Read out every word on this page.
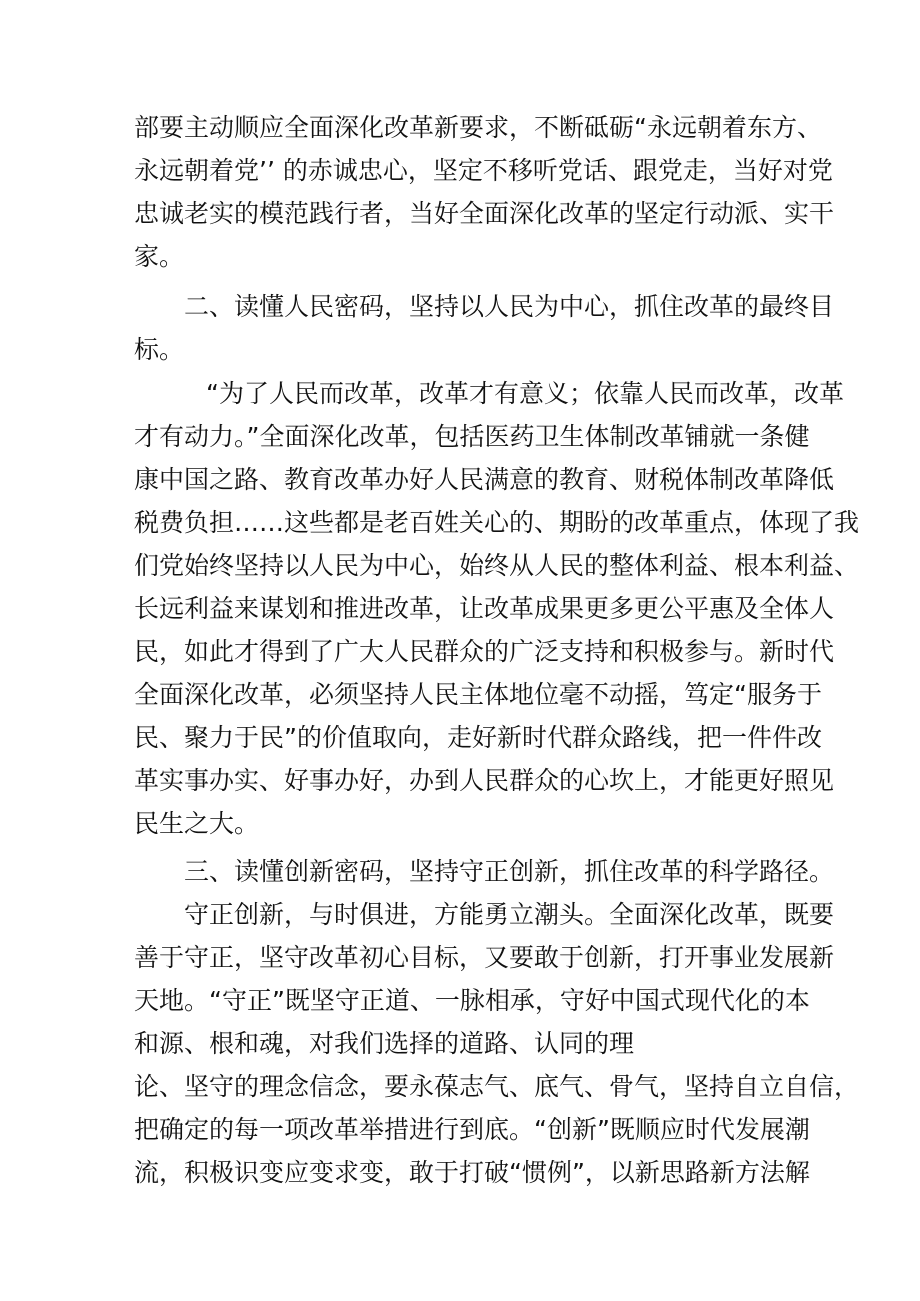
部要主动顺应全面深化改革新要求，不断砥砺“永远朝着东方、
永远朝着党’’ 的赤诚忠心，坚定不移听党话、跟党走，当好对党
忠诚老实的模范践行者，当好全面深化改革的坚定行动派、实干
家。
二、读懂人民密码，坚持以人民为中心，抓住改革的最终目
标。
“为了人民而改革，改革才有意义；依靠人民而改革，改革
才有动力。”全面深化改革，包括医药卫生体制改革铺就一条健
康中国之路、教育改革办好人民满意的教育、财税体制改革降低
税费负担……这些都是老百姓关心的、期盼的改革重点，体现了我
们党始终坚持以人民为中心，始终从人民的整体利益、根本利益、
长远利益来谋划和推进改革，让改革成果更多更公平惠及全体人
民，如此才得到了广大人民群众的广泛支持和积极参与。新时代
全面深化改革，必须坚持人民主体地位毫不动摇，笃定“服务于
民、聚力于民”的价值取向，走好新时代群众路线，把一件件改
革实事办实、好事办好，办到人民群众的心坎上，才能更好照见
民生之大。
三、读懂创新密码，坚持守正创新，抓住改革的科学路径。
守正创新，与时俱进，方能勇立潮头。全面深化改革，既要
善于守正，坚守改革初心目标，又要敢于创新，打开事业发展新
天地。“守正”既坚守正道、一脉相承，守好中国式现代化的本
和源、根和魂，对我们选择的道路、认同的理
论、坚守的理念信念，要永葆志气、底气、骨气，坚持自立自信，
把确定的每一项改革举措进行到底。“创新”既顺应时代发展潮
流，积极识变应变求变，敢于打破“惯例”，以新思路新方法解
